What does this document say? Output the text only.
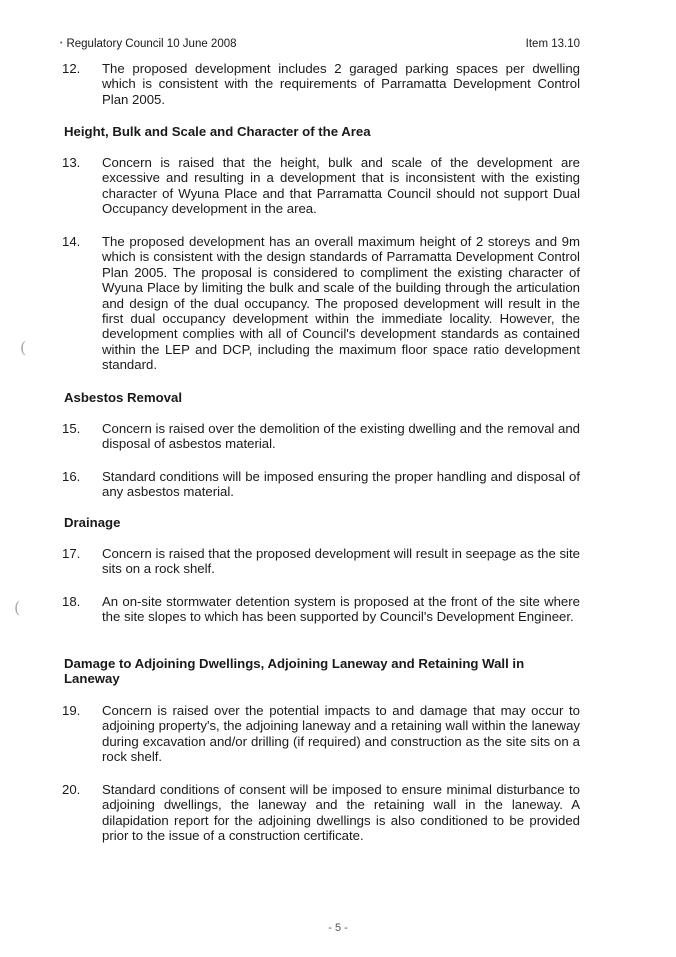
• Regulatory Council 10 June 2008	Item 13.10
12.	The proposed development includes 2 garaged parking spaces per dwelling which is consistent with the requirements of Parramatta Development Control Plan 2005.
Height, Bulk and Scale and Character of the Area
13.	Concern is raised that the height, bulk and scale of the development are excessive and resulting in a development that is inconsistent with the existing character of Wyuna Place and that Parramatta Council should not support Dual Occupancy development in the area.
14.	The proposed development has an overall maximum height of 2 storeys and 9m which is consistent with the design standards of Parramatta Development Control Plan 2005. The proposal is considered to compliment the existing character of Wyuna Place by limiting the bulk and scale of the building through the articulation and design of the dual occupancy. The proposed development will result in the first dual occupancy development within the immediate locality. However, the development complies with all of Council's development standards as contained within the LEP and DCP, including the maximum floor space ratio development standard.
Asbestos Removal
15.	Concern is raised over the demolition of the existing dwelling and the removal and disposal of asbestos material.
16.	Standard conditions will be imposed ensuring the proper handling and disposal of any asbestos material.
Drainage
17.	Concern is raised that the proposed development will result in seepage as the site sits on a rock shelf.
18.	An on-site stormwater detention system is proposed at the front of the site where the site slopes to which has been supported by Council's Development Engineer.
Damage to Adjoining Dwellings, Adjoining Laneway and Retaining Wall in Laneway
19.	Concern is raised over the potential impacts to and damage that may occur to adjoining property's, the adjoining laneway and a retaining wall within the laneway during excavation and/or drilling (if required) and construction as the site sits on a rock shelf.
20.	Standard conditions of consent will be imposed to ensure minimal disturbance to adjoining dwellings, the laneway and the retaining wall in the laneway. A dilapidation report for the adjoining dwellings is also conditioned to be provided prior to the issue of a construction certificate.
- 5 -
(
(
